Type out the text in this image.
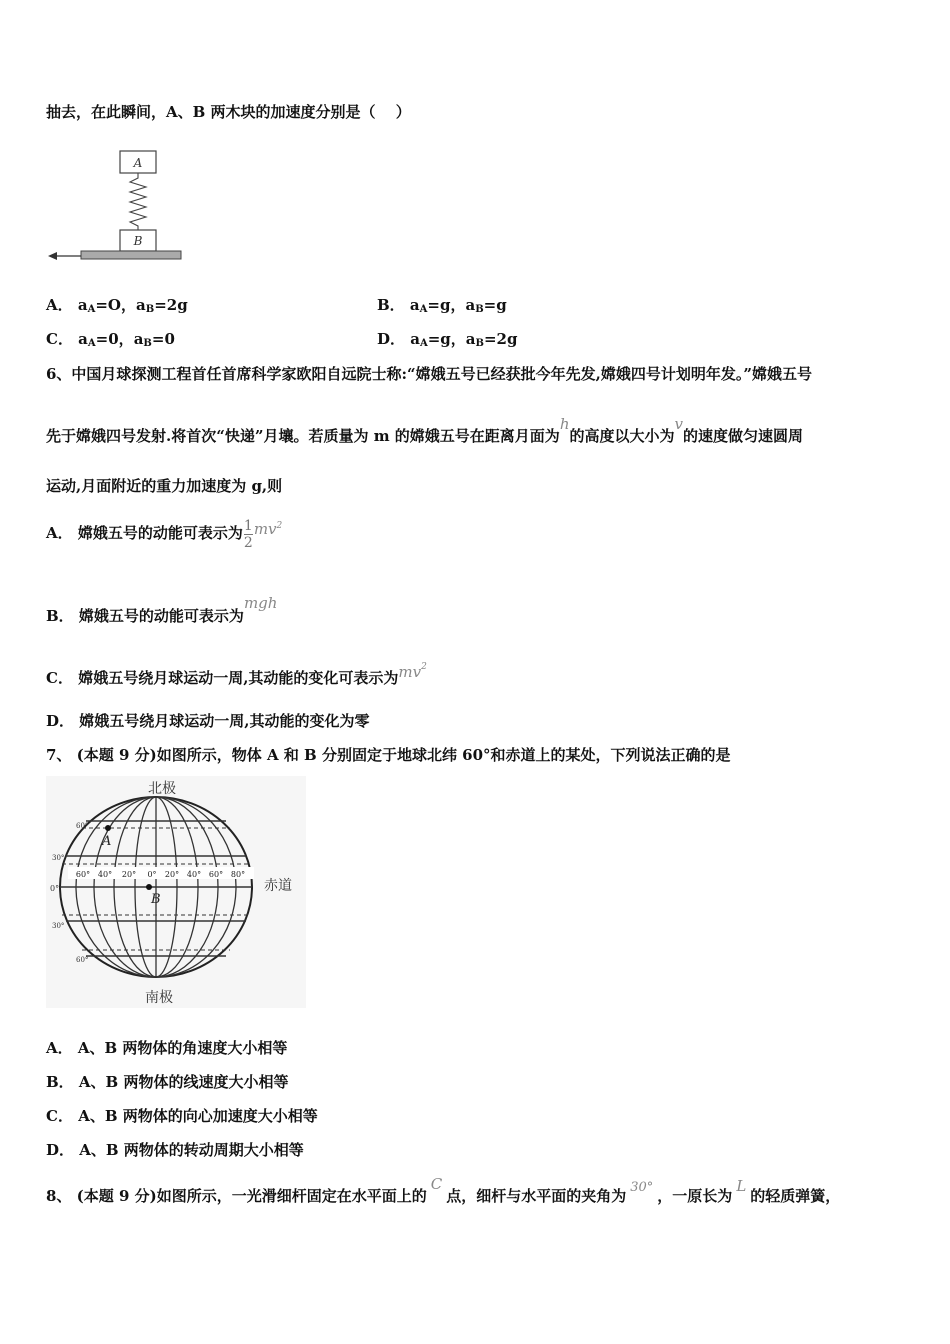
抽去，在此瞬间，A、B 两木块的加速度分别是（　 ）
A
B
A． $a_A=O$，$a_B=2g$	B． $a_A=g$，$a_B=g$
C． $a_A=0$，$a_B=0$	D． $a_A=g$，$a_B=2g$
6、中国月球探测工程首任首席科学家欧阳自远院士称:“嫦娥五号已经获批今年先发,嫦娥四号计划明年发。”嫦娥五号
先于嫦娥四号发射.将首次“快递”月壤。若质量为 m 的嫦娥五号在距离月面为h的高度以大小为v的速度做匀速圆周
运动,月面附近的重力加速度为 g,则
A． 嫦娥五号的动能可表示为 $\frac{1}{2} mv^2$
B． 嫦娥五号的动能可表示为mgh
C． 嫦娥五号绕月球运动一周,其动能的变化可表示为$mv^2$
D． 嫦娥五号绕月球运动一周,其动能的变化为零
7、 (本题 9 分)如图所示，物体 A 和 B 分别固定于地球北纬 60°和赤道上的某处，下列说法正确的是
北极
南极
60°
30°
0°
30°
60°
60° 40° 20° 0° 20° 40° 60° 80°
A
B
赤道
A． A、B 两物体的角速度大小相等
B． A、B 两物体的线速度大小相等
C． A、B 两物体的向心加速度大小相等
D． A、B 两物体的转动周期大小相等
8、 (本题 9 分)如图所示，一光滑细杆固定在水平面上的C点，细杆与水平面的夹角为 30° ，一原长为L的轻质弹簧，
